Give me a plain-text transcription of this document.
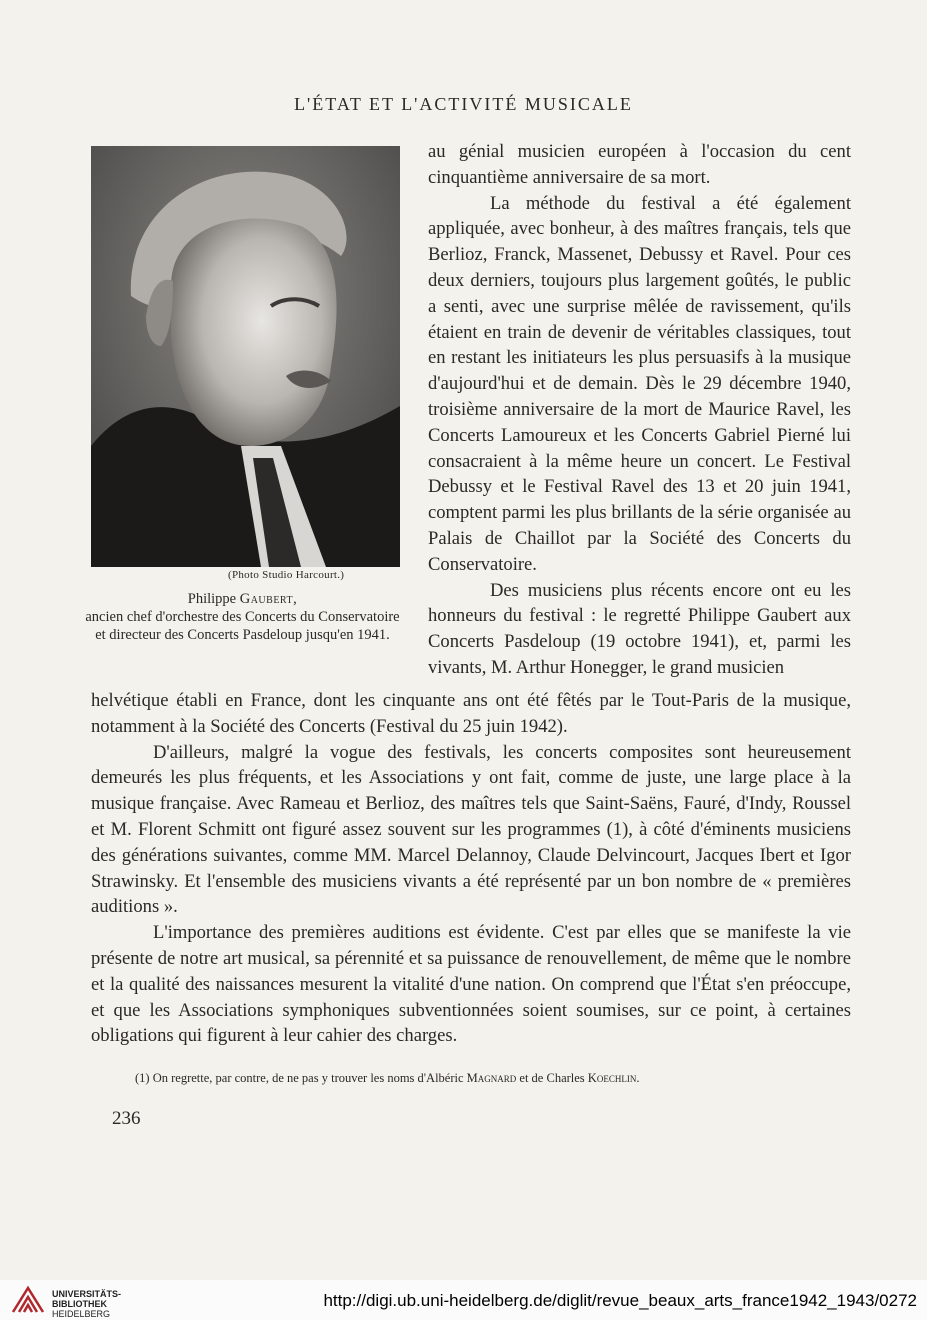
L'ÉTAT ET L'ACTIVITÉ MUSICALE
(Photo Studio Harcourt.)
Philippe Gaubert,
ancien chef d'orchestre des Concerts du Conservatoire et directeur des Concerts Pasdeloup jusqu'en 1941.

au génial musicien européen à l'occasion du cent cinquantième anniversaire de sa mort.

La méthode du festival a été également appliquée, avec bonheur, à des maîtres français, tels que Berlioz, Franck, Massenet, Debussy et Ravel. Pour ces deux derniers, toujours plus largement goûtés, le public a senti, avec une surprise mêlée de ravissement, qu'ils étaient en train de devenir de véritables classiques, tout en restant les initiateurs les plus persuasifs à la musique d'aujourd'hui et de demain. Dès le 29 décembre 1940, troisième anniversaire de la mort de Maurice Ravel, les Concerts Lamoureux et les Concerts Gabriel Pierné lui consacraient à la même heure un concert. Le Festival Debussy et le Festival Ravel des 13 et 20 juin 1941, comptent parmi les plus brillants de la série organisée au Palais de Chaillot par la Société des Concerts du Conservatoire.

Des musiciens plus récents encore ont eu les honneurs du festival : le regretté Philippe Gaubert aux Concerts Pasdeloup (19 octobre 1941), et, parmi les vivants, M. Arthur Honegger, le grand musicien

helvétique établi en France, dont les cinquante ans ont été fêtés par le Tout-Paris de la musique, notamment à la Société des Concerts (Festival du 25 juin 1942).

D'ailleurs, malgré la vogue des festivals, les concerts composites sont heureusement demeurés les plus fréquents, et les Associations y ont fait, comme de juste, une large place à la musique française. Avec Rameau et Berlioz, des maîtres tels que Saint-Saëns, Fauré, d'Indy, Roussel et M. Florent Schmitt ont figuré assez souvent sur les programmes (1), à côté d'éminents musiciens des générations suivantes, comme MM. Marcel Delannoy, Claude Delvincourt, Jacques Ibert et Igor Strawinsky. Et l'ensemble des musiciens vivants a été représenté par un bon nombre de « premières auditions ».

L'importance des premières auditions est évidente. C'est par elles que se manifeste la vie présente de notre art musical, sa pérennité et sa puissance de renouvellement, de même que le nombre et la qualité des naissances mesurent la vitalité d'une nation. On comprend que l'État s'en préoccupe, et que les Associations symphoniques subventionnées soient soumises, sur ce point, à certaines obligations qui figurent à leur cahier des charges.

(1) On regrette, par contre, de ne pas y trouver les noms d'Albéric Magnard et de Charles Koechlin.
236
UNIVERSITÄTS-
BIBLIOTHEK
HEIDELBERG
http://digi.ub.uni-heidelberg.de/diglit/revue_beaux_arts_france1942_1943/0272
